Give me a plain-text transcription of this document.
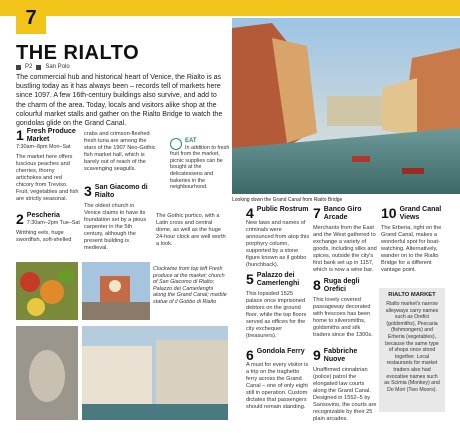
7
THE RIALTO
P2 San Polo
The commercial hub and historical heart of Venice, the Rialto is as bustling today as it has always been – records tell of markets here since 1097. A few 16th-century buildings also survive, and add to the charm of the area. Today, locals and visitors alike shop at the colourful market stalls and gather on the Rialto Bridge to watch the gondolas glide on the Grand Canal.
Looking down the Grand Canal from Rialto Bridge
1 Fresh Produce Market
7:30am–8pm Mon–Sat
The market here offers luscious peaches and cherries, thorny artichokes and red chicory from Treviso. Fruit, vegetables and fish are strictly seasonal.
2 Pescheria
7:30am–2pm Tue–Sat
Writhing eels, huge swordfish, soft-shelled
crabs and crimson-fleshed fresh tuna are among the stars of the 1907 Neo-Gothic fish market hall, which is barely out of reach of the scavenging seagulls.
EAT
In addition to fresh fruit from the market, picnic supplies can be bought at the delicatessens and bakeries in the neighbourhood.
3 San Giacomo di Rialto
The oldest church in Venice claims to have its foundation set by a pious carpenter in the 5th century, although the present building is medieval.
The Gothic portico, with a Latin cross and central dome, as well as the huge 24-hour clock are well worth a look.
Clockwise from top left Fresh produce at the market; church of San Giacomo di Rialto; Palazzo dei Camerlenghi along the Grand Canal; marble statue of il Gobbo di Rialto
4 Public Rostrum
New laws and names of criminals were announced from atop this porphyry column, supported by a stone figure known as il gobbo (hunchback).
5 Palazzo dei Camerlenghi
This lopsided 1525 palace once imprisoned debtors on the ground floor, while the top floors served as offices for the city exchequer (treasurers).
6 Gondola Ferry
A must for every visitor is a trip on the traghetto ferry across the Grand Canal – one of only eight still in operation. Custom dictates that passengers should remain standing.
7 Banco Giro Arcade
Merchants from the East and the West gathered to exchange a variety of goods, including silks and spices, outside the city's first bank set up in 1157, which is now a wine bar.
8 Ruga degli Orefici
This lovely covered passageway decorated with frescoes has been home to silversmiths, goldsmiths and silk traders since the 1300s.
9 Fabbriche Nuove
Unaffirmed cinnabrian (police) patrol the elongated law courts along the Grand Canal. Designed in 1552–5 by Sansovino, the courts are recognizable by their 25 plain arcades.
10 Grand Canal Views
The Erberia, right on the Grand Canal, makes a wonderful spot for boat-watching. Alternatively, wander on to the Rialto Bridge for a different vantage point.
RIALTO MARKET
Rialto market's narrow alleyways carry names such as Orefici (goldsmiths), Pescaria (fishmongers) and Erberia (vegetables), because the same type of shops once stood together. Local restaurants for market traders also had evocative names such as Scimia (Monkey) and Do Mori (Two Moors).
